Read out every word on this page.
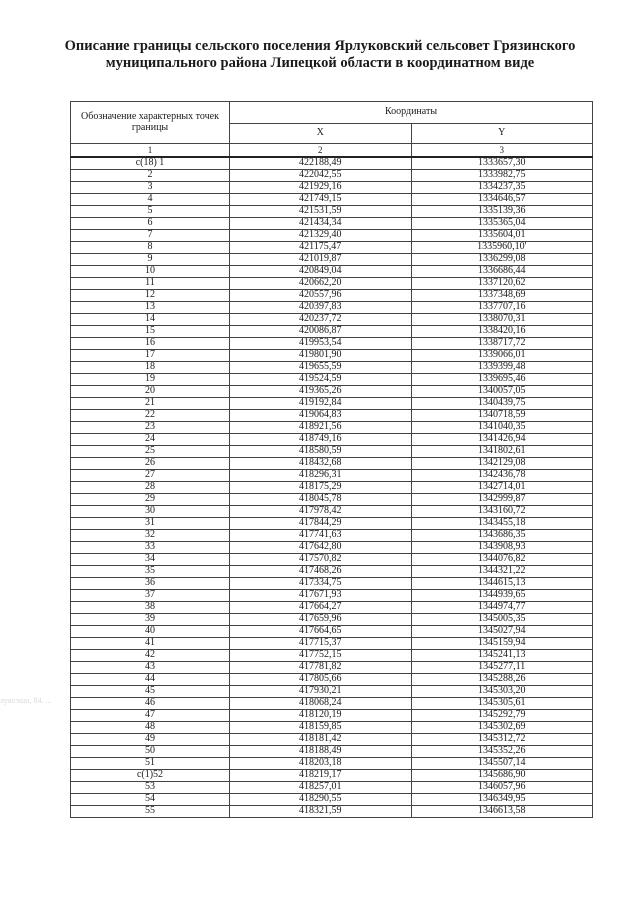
Описание границы сельского поселения Ярлуковский сельсовет Грязинского муниципального района Липецкой области в координатном виде
лукоэшн, 84. ...
Обозначение характерных точек границы	Координаты	
	X	Y
1	2	3
с(18) 1	422188,49	1333657,30
2	422042,55	1333982,75
3	421929,16	1334237,35
4	421749,15	1334646,57
5	421531,59	1335139,36
6	421434,34	1335365,04
7	421329,40	1335604,01
8	421175,47	1335960,10'
9	421019,87	1336299,08
10	420849,04	1336686,44
11	420662,20	1337120,62
12	420557,96	1337348,69
13	420397,83	1337707,16
14	420237,72	1338070,31
15	420086,87	1338420,16
16	419953,54	1338717,72
17	419801,90	1339066,01
18	419655,59	1339399,48
19	419524,59	1339695,46
20	419365,26	1340057,05
21	419192,84	1340439,75
22	419064,83	1340718,59
23	418921,56	1341040,35
24	418749,16	1341426,94
25	418580,59	1341802,61
26	418432,68	1342129,08
27	418296,31	1342436,78
28	418175,29	1342714,01
29	418045,78	1342999,87
30	417978,42	1343160,72
31	417844,29	1343455,18
32	417741,63	1343686,35
33	417642,80	1343908,93
34	417570,82	1344076,82
35	417468,26	1344321,22
36	417334,75	1344615,13
37	417671,93	1344939,65
38	417664,27	1344974,77
39	417659,96	1345005,35
40	417664,65	1345027,94
41	417715,37	1345159,94
42	417752,15	1345241,13
43	417781,82	1345277,11
44	417805,66	1345288,26
45	417930,21	1345303,20
46	418068,24	1345305,61
47	418120,19	1345292,79
48	418159,85	1345302,69
49	418181,42	1345312,72
50	418188,49	1345352,26
51	418203,18	1345507,14
с(1)52	418219,17	1345686,90
53	418257,01	1346057,96
54	418290,55	1346349,95
55	418321,59	1346613,58
